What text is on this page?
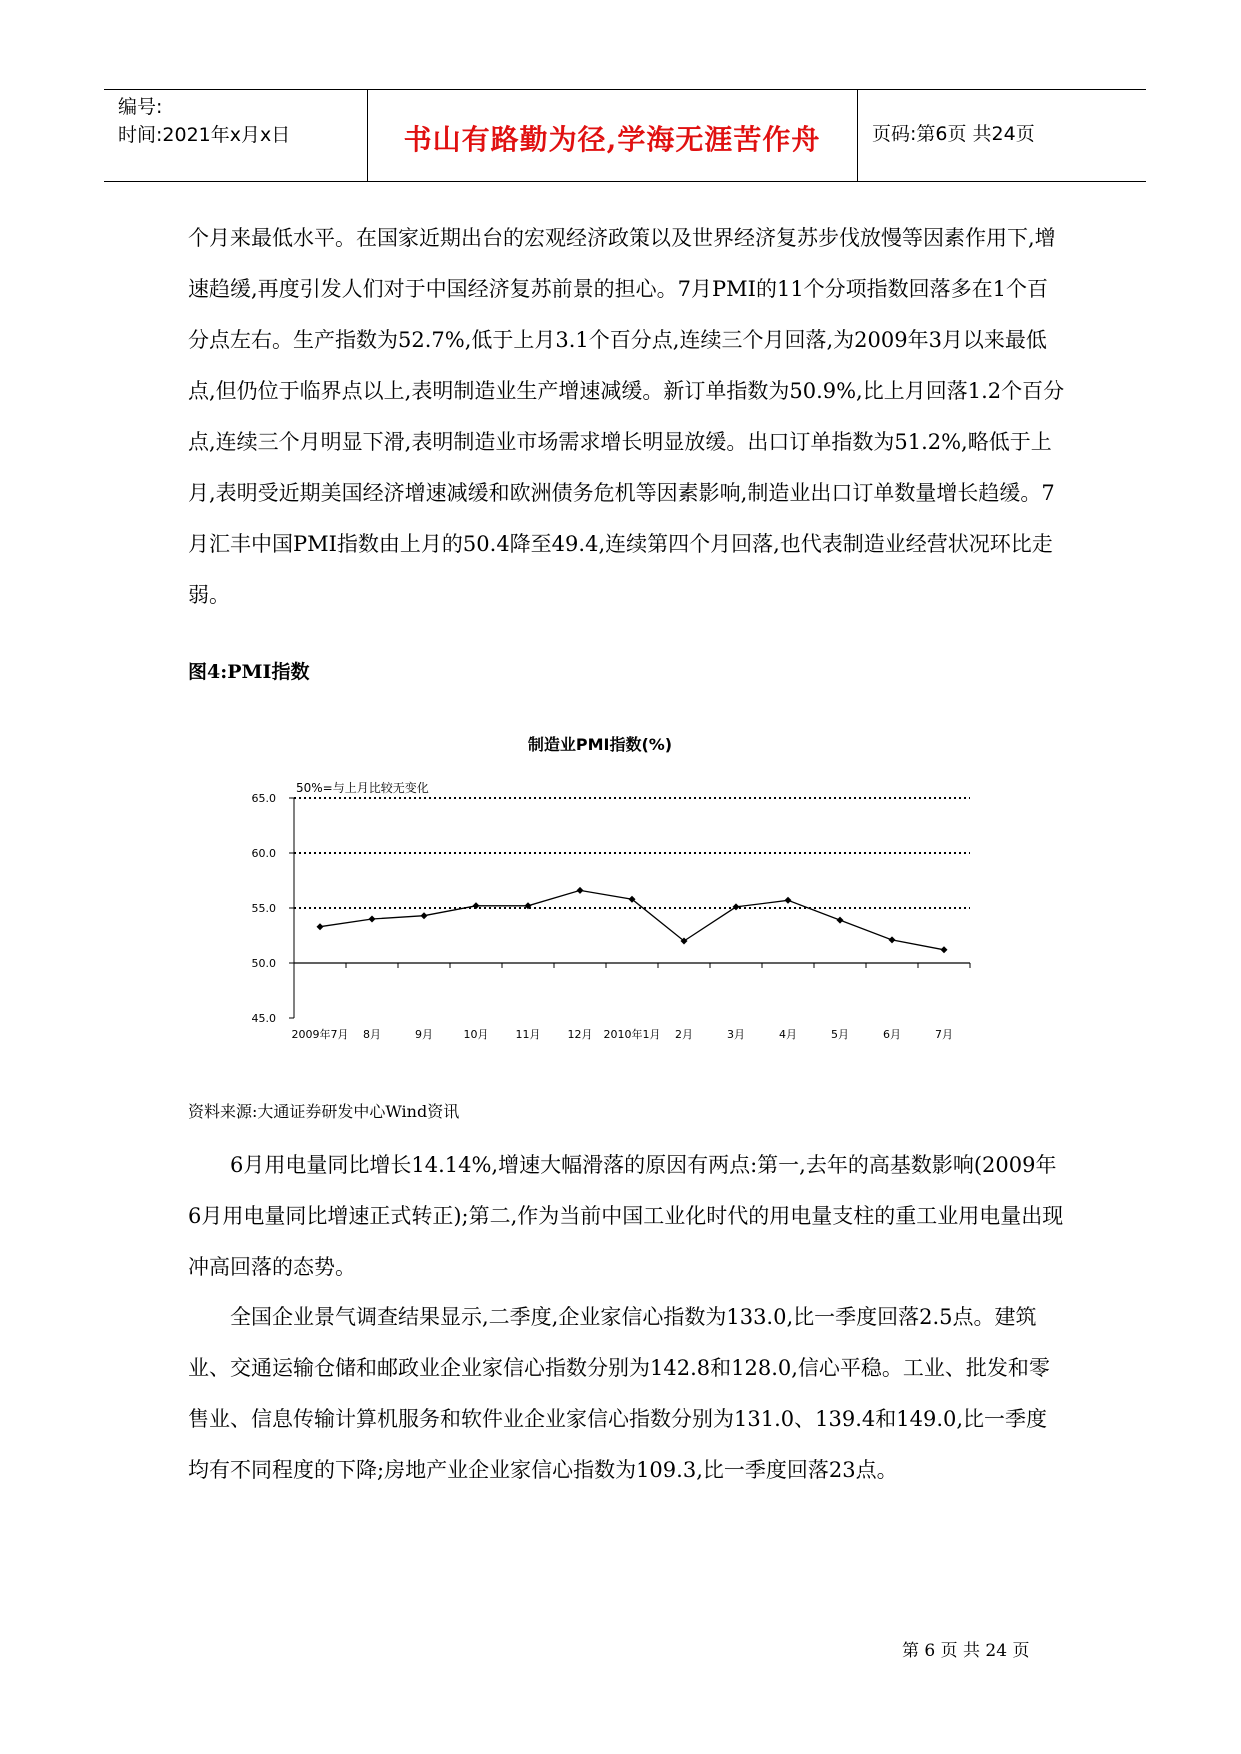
编号:
时间:2021年x月x日	书山有路勤为径,学海无涯苦作舟	页码:第6页 共24页

个月来最低水平。在国家近期出台的宏观经济政策以及世界经济复苏步伐放慢等因素作用下,增速趋缓,再度引发人们对于中国经济复苏前景的担心。7月PMI的11个分项指数回落多在1个百分点左右。生产指数为52.7%,低于上月3.1个百分点,连续三个月回落,为2009年3月以来最低点,但仍位于临界点以上,表明制造业生产增速减缓。新订单指数为50.9%,比上月回落1.2个百分点,连续三个月明显下滑,表明制造业市场需求增长明显放缓。出口订单指数为51.2%,略低于上月,表明受近期美国经济增速减缓和欧洲债务危机等因素影响,制造业出口订单数量增长趋缓。7月汇丰中国PMI指数由上月的50.4降至49.4,连续第四个月回落,也代表制造业经营状况环比走弱。

图4:PMI指数
制造业PMI指数(%)
50%=与上月比较无变化
65.0
60.0
55.0
50.0
45.0
2009年7月 8月	9月	10月 11月 12月 2010年1月 2月	3月	4月	5月	6月	7月
资料来源:大通证券研发中心Wind资讯

6月用电量同比增长14.14%,增速大幅滑落的原因有两点:第一,去年的高基数影响(2009年6月用电量同比增速正式转正);第二,作为当前中国工业化时代的用电量支柱的重工业用电量出现冲高回落的态势。

全国企业景气调查结果显示,二季度,企业家信心指数为133.0,比一季度回落2.5点。建筑业、交通运输仓储和邮政业企业家信心指数分别为142.8和128.0,信心平稳。工业、批发和零售业、信息传输计算机服务和软件业企业家信心指数分别为131.0、139.4和149.0,比一季度均有不同程度的下降;房地产业企业家信心指数为109.3,比一季度回落23点。

第 6 页 共 24 页
